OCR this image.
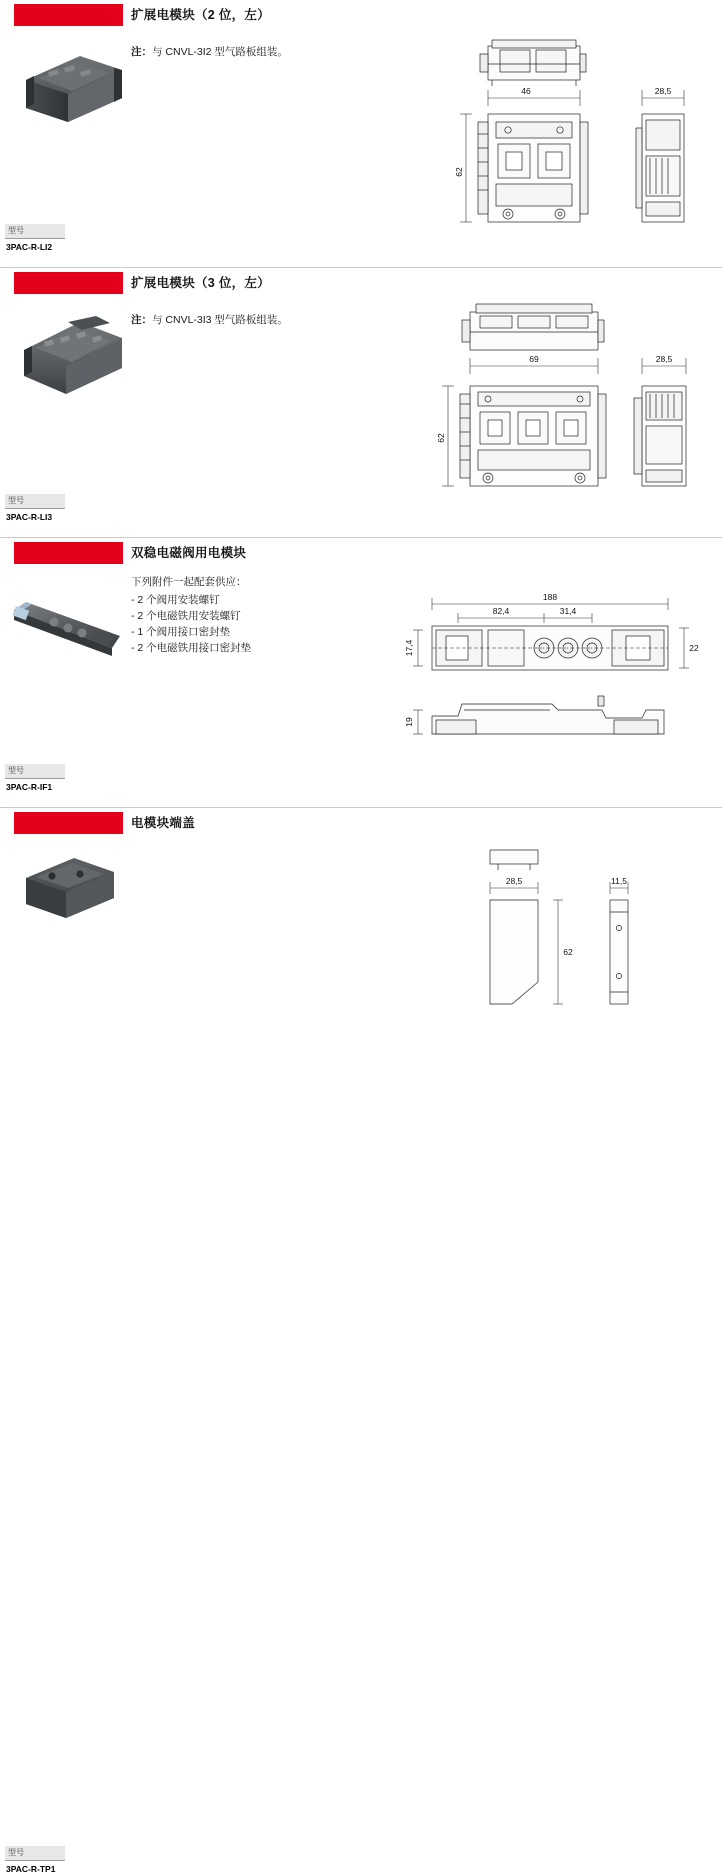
扩展电模块（2 位，左）
注：与 CNVL-3I2 型气路板组装。
46
62
28,5
型号
3PAC-R-LI2
扩展电模块（3 位，左）
注：与 CNVL-3I3 型气路板组装。
69
62
28,5
型号
3PAC-R-LI3
双稳电磁阀用电模块
下列附件一起配套供应：
- 2 个阀用安装螺钉
- 2 个电磁铁用安装螺钉
- 1 个阀用接口密封垫
- 2 个电磁铁用接口密封垫
188
82,4	31,4
17,4	22
19
型号
3PAC-R-IF1
电模块端盖
28,5
62
11,5
型号
3PAC-R-TP1
